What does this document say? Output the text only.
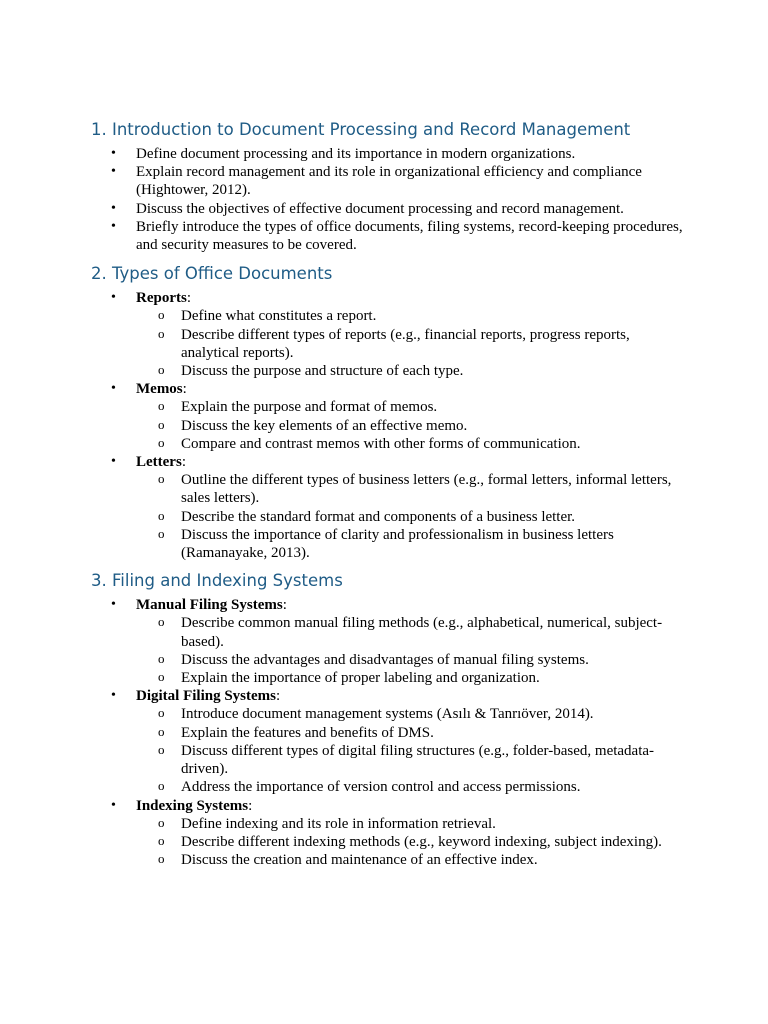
1. Introduction to Document Processing and Record Management
• Define document processing and its importance in modern organizations.
• Explain record management and its role in organizational efficiency and compliance (Hightower, 2012).
• Discuss the objectives of effective document processing and record management.
• Briefly introduce the types of office documents, filing systems, record-keeping procedures, and security measures to be covered.
2. Types of Office Documents
• Reports:
o Define what constitutes a report.
o Describe different types of reports (e.g., financial reports, progress reports, analytical reports).
o Discuss the purpose and structure of each type.
• Memos:
o Explain the purpose and format of memos.
o Discuss the key elements of an effective memo.
o Compare and contrast memos with other forms of communication.
• Letters:
o Outline the different types of business letters (e.g., formal letters, informal letters, sales letters).
o Describe the standard format and components of a business letter.
o Discuss the importance of clarity and professionalism in business letters (Ramanayake, 2013).
3. Filing and Indexing Systems
• Manual Filing Systems:
o Describe common manual filing methods (e.g., alphabetical, numerical, subject-based).
o Discuss the advantages and disadvantages of manual filing systems.
o Explain the importance of proper labeling and organization.
• Digital Filing Systems:
o Introduce document management systems (Asılı & Tanrıöver, 2014).
o Explain the features and benefits of DMS.
o Discuss different types of digital filing structures (e.g., folder-based, metadata-driven).
o Address the importance of version control and access permissions.
• Indexing Systems:
o Define indexing and its role in information retrieval.
o Describe different indexing methods (e.g., keyword indexing, subject indexing).
o Discuss the creation and maintenance of an effective index.
